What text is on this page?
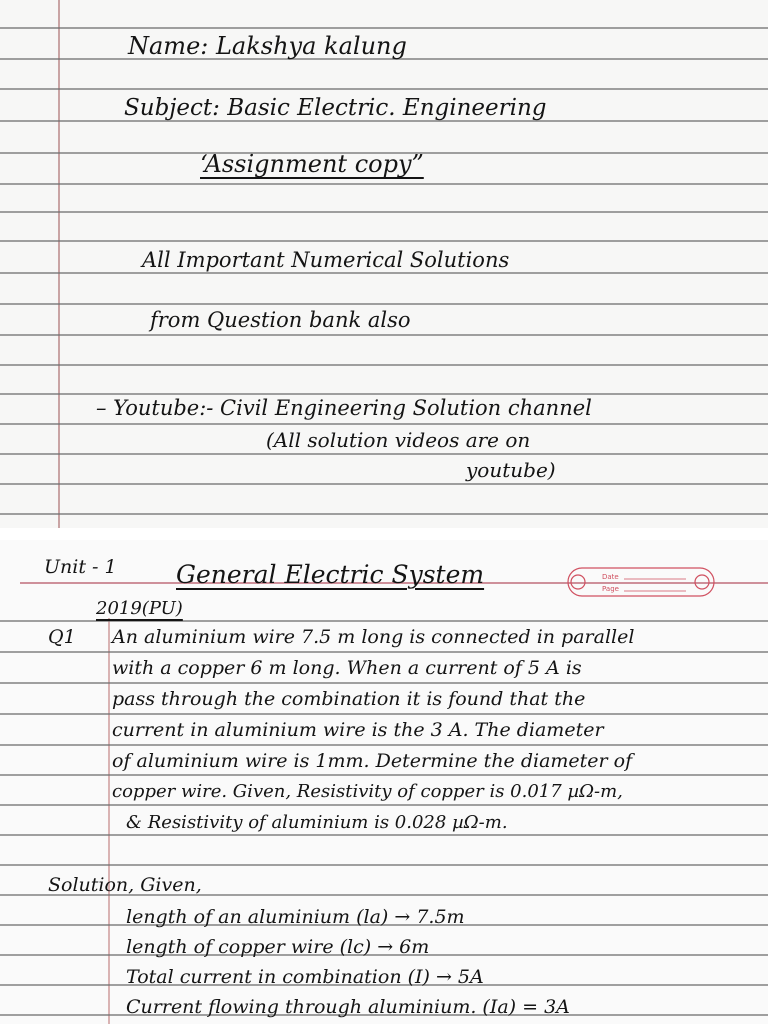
Name: Lakshya kalung
Subject: Basic Electric. Engineering
‘Assignment copy”
All Important Numerical Solutions
from Question bank also
– Youtube:- Civil Engineering Solution channel
(All solution videos are on
youtube)
Unit - 1 General Electric System
2019(PU)
Date
Page
Q1 An aluminium wire 7.5 m long is connected in parallel
with a copper 6 m long. When a current of 5 A is
pass through the combination it is found that the
current in aluminium wire is the 3 A. The diameter
of aluminium wire is 1mm. Determine the diameter of
copper wire. Given, Resistivity of copper is 0.017 µΩ-m,
& Resistivity of aluminium is 0.028 µΩ-m.
Solution, Given,
length of an aluminium (la) → 7.5m
length of copper wire (lc) → 6m
Total current in combination (I) → 5A
Current flowing through aluminium. (Ia) = 3A
